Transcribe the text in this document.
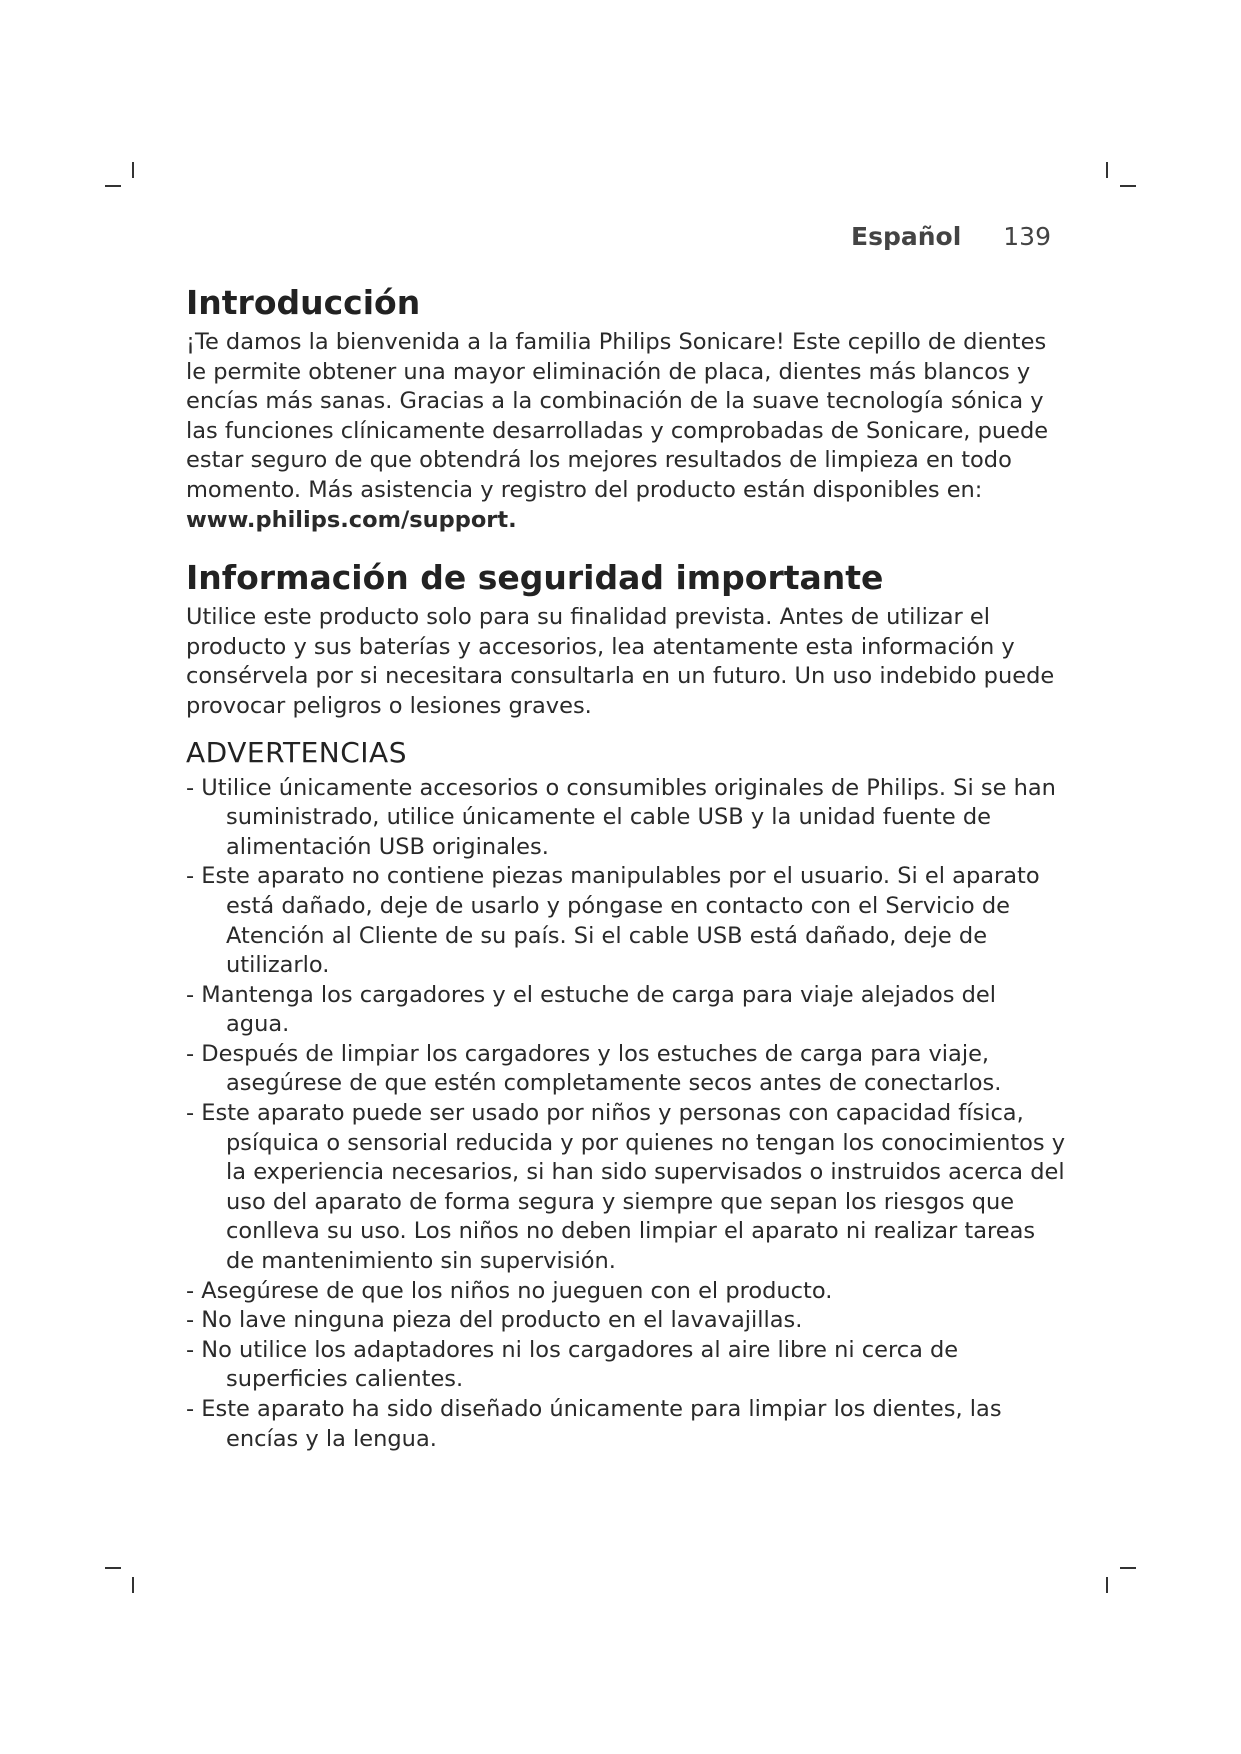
Español 139
Introducción

¡Te damos la bienvenida a la familia Philips Sonicare! Este cepillo de dientes le permite obtener una mayor eliminación de placa, dientes más blancos y encías más sanas. Gracias a la combinación de la suave tecnología sónica y las funciones clínicamente desarrolladas y comprobadas de Sonicare, puede estar seguro de que obtendrá los mejores resultados de limpieza en todo momento. Más asistencia y registro del producto están disponibles en:
www.philips.com/support.

Información de seguridad importante

Utilice este producto solo para su finalidad prevista. Antes de utilizar el producto y sus baterías y accesorios, lea atentamente esta información y consérvela por si necesitara consultarla en un futuro. Un uso indebido puede provocar peligros o lesiones graves.

ADVERTENCIAS
- Utilice únicamente accesorios o consumibles originales de Philips. Si se han suministrado, utilice únicamente el cable USB y la unidad fuente de alimentación USB originales.
- Este aparato no contiene piezas manipulables por el usuario. Si el aparato está dañado, deje de usarlo y póngase en contacto con el Servicio de Atención al Cliente de su país. Si el cable USB está dañado, deje de utilizarlo.
- Mantenga los cargadores y el estuche de carga para viaje alejados del agua.
- Después de limpiar los cargadores y los estuches de carga para viaje, asegúrese de que estén completamente secos antes de conectarlos.
- Este aparato puede ser usado por niños y personas con capacidad física, psíquica o sensorial reducida y por quienes no tengan los conocimientos y la experiencia necesarios, si han sido supervisados o instruidos acerca del uso del aparato de forma segura y siempre que sepan los riesgos que conlleva su uso. Los niños no deben limpiar el aparato ni realizar tareas de mantenimiento sin supervisión.
- Asegúrese de que los niños no jueguen con el producto.
- No lave ninguna pieza del producto en el lavavajillas.
- No utilice los adaptadores ni los cargadores al aire libre ni cerca de superficies calientes.
- Este aparato ha sido diseñado únicamente para limpiar los dientes, las encías y la lengua.
